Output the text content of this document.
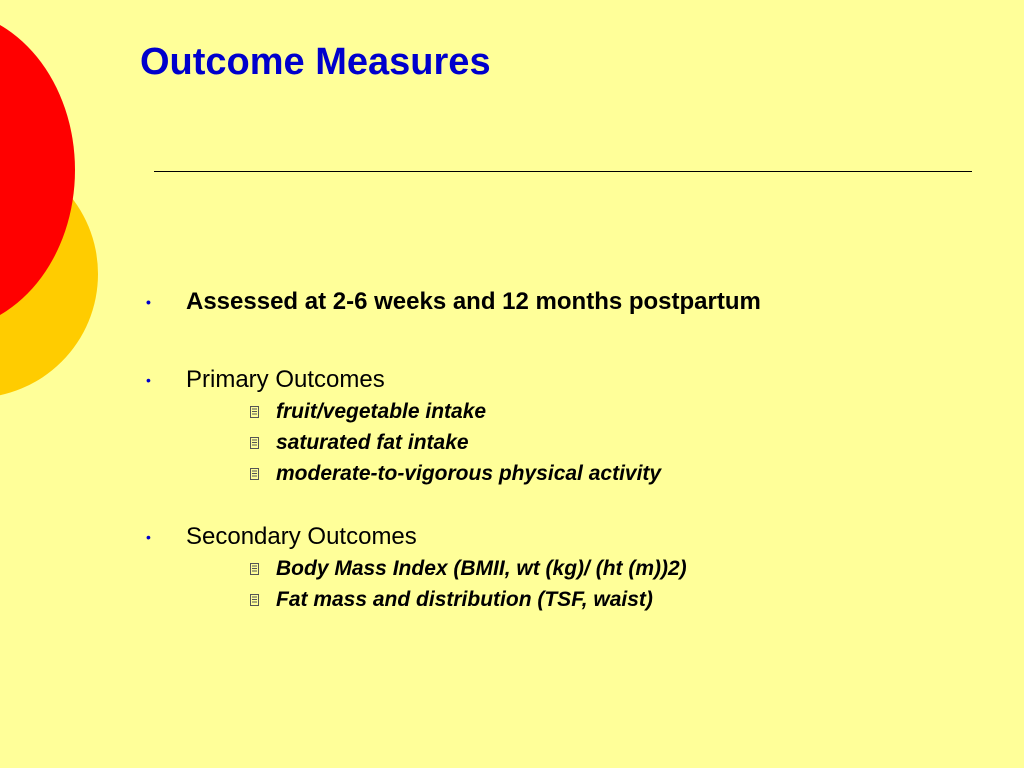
Outcome Measures
• Assessed at 2-6 weeks and 12 months postpartum
• Primary Outcomes
fruit/vegetable intake
saturated fat intake
moderate-to-vigorous physical activity
• Secondary Outcomes
Body Mass Index (BMII, wt (kg)/ (ht (m))2)
Fat mass and distribution (TSF, waist)
